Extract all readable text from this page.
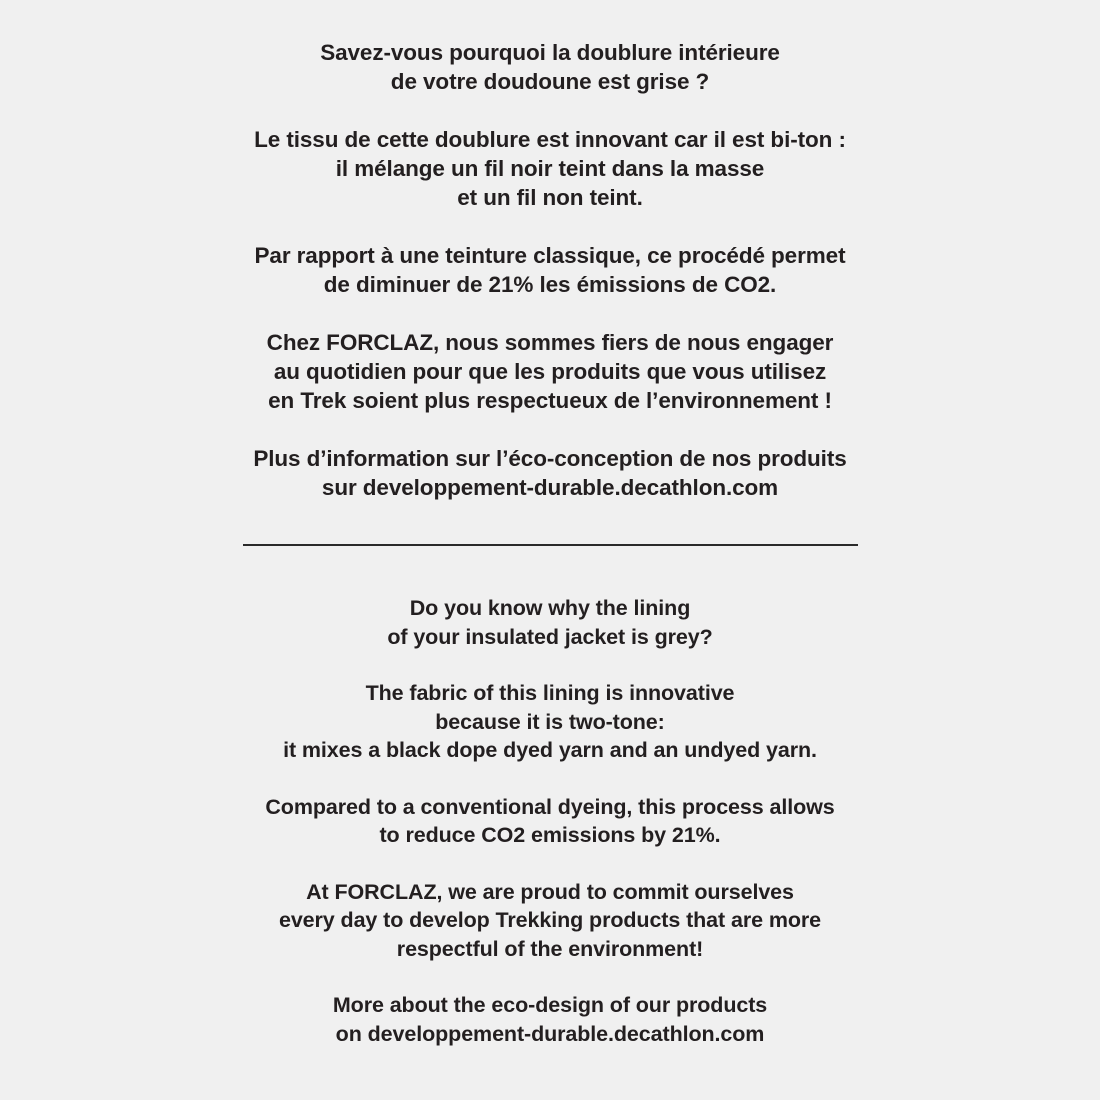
Savez-vous pourquoi la doublure intérieure
de votre doudoune est grise ?

Le tissu de cette doublure est innovant car il est bi-ton :
il mélange un fil noir teint dans la masse
et un fil non teint.

Par rapport à une teinture classique, ce procédé permet
de diminuer de 21% les émissions de CO2.

Chez FORCLAZ, nous sommes fiers de nous engager
au quotidien pour que les produits que vous utilisez
en Trek soient plus respectueux de l’environnement !

Plus d’information sur l’éco-conception de nos produits
sur developpement-durable.decathlon.com

Do you know why the lining
of your insulated jacket is grey?

The fabric of this lining is innovative
because it is two-tone:
it mixes a black dope dyed yarn and an undyed yarn.

Compared to a conventional dyeing, this process allows
to reduce CO2 emissions by 21%.

At FORCLAZ, we are proud to commit ourselves
every day to develop Trekking products that are more
respectful of the environment!

More about the eco-design of our products
on developpement-durable.decathlon.com
